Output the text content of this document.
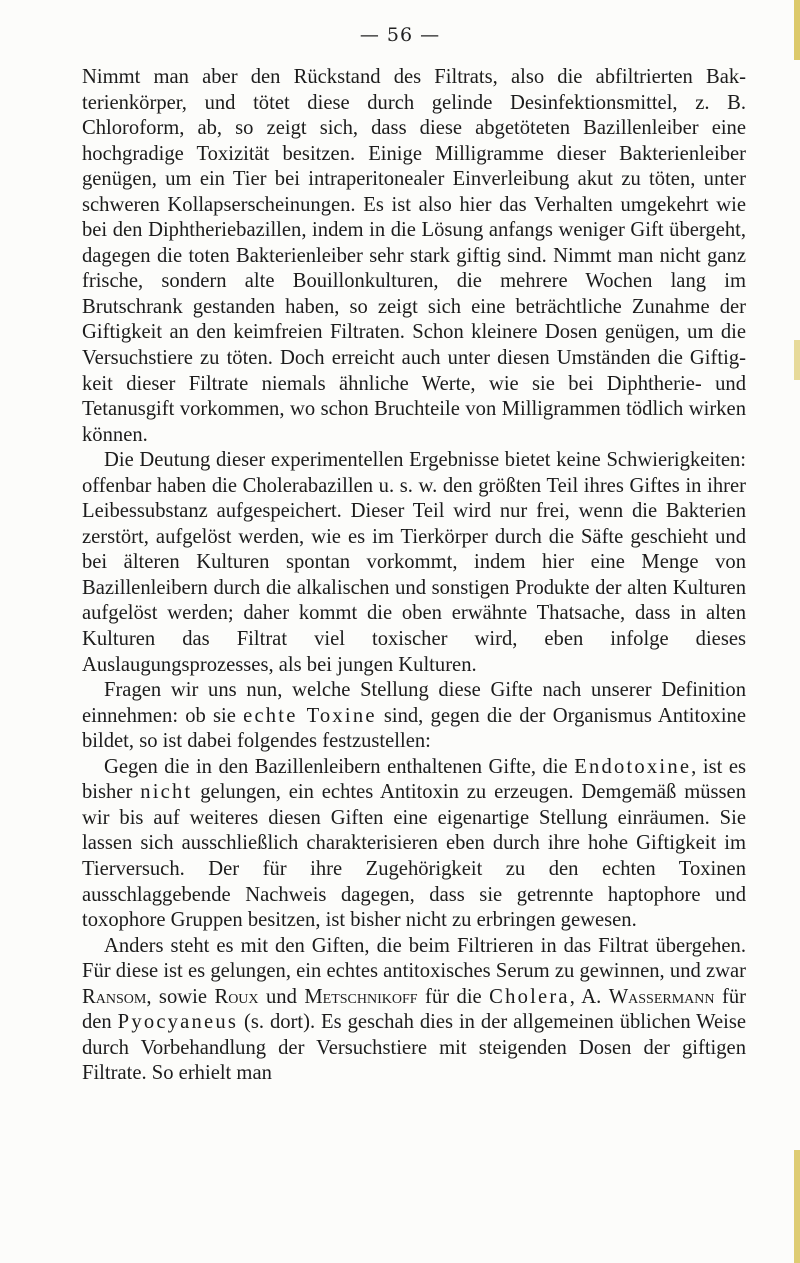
— 56 —

Nimmt man aber den Rückstand des Filtrats, also die abfiltrierten Bakterienkörper, und tötet diese durch gelinde Desinfektionsmittel, z. B. Chloroform, ab, so zeigt sich, dass diese abgetöteten Bazillenleiber eine hochgradige Toxizität besitzen. Einige Milligramme dieser Bakterienleiber genügen, um ein Tier bei intraperitonealer Einverleibung akut zu töten, unter schweren Kollapserscheinungen. Es ist also hier das Verhalten umgekehrt wie bei den Diphtheriebazillen, indem in die Lösung anfangs weniger Gift übergeht, dagegen die toten Bakterienleiber sehr stark giftig sind. Nimmt man nicht ganz frische, sondern alte Bouillonkulturen, die mehrere Wochen lang im Brutschrank gestanden haben, so zeigt sich eine beträchtliche Zunahme der Giftigkeit an den keimfreien Filtraten. Schon kleinere Dosen genügen, um die Versuchstiere zu töten. Doch erreicht auch unter diesen Umständen die Giftigkeit dieser Filtrate niemals ähnliche Werte, wie sie bei Diphtherie- und Tetanusgift vorkommen, wo schon Bruchteile von Milligrammen tödlich wirken können.

Die Deutung dieser experimentellen Ergebnisse bietet keine Schwierigkeiten: offenbar haben die Cholerabazillen u. s. w. den größten Teil ihres Giftes in ihrer Leibessubstanz aufgespeichert. Dieser Teil wird nur frei, wenn die Bakterien zerstört, aufgelöst werden, wie es im Tierkörper durch die Säfte geschieht und bei älteren Kulturen spontan vorkommt, indem hier eine Menge von Bazillenleibern durch die alkalischen und sonstigen Produkte der alten Kulturen aufgelöst werden; daher kommt die oben erwähnte Thatsache, dass in alten Kulturen das Filtrat viel toxischer wird, eben infolge dieses Auslaugungsprozesses, als bei jungen Kulturen.

Fragen wir uns nun, welche Stellung diese Gifte nach unserer Definition einnehmen: ob sie echte Toxine sind, gegen die der Organismus Antitoxine bildet, so ist dabei folgendes festzustellen:

Gegen die in den Bazillenleibern enthaltenen Gifte, die Endotoxine, ist es bisher nicht gelungen, ein echtes Antitoxin zu erzeugen. Demgemäß müssen wir bis auf weiteres diesen Giften eine eigenartige Stellung einräumen. Sie lassen sich ausschließlich charakterisieren eben durch ihre hohe Giftigkeit im Tierversuch. Der für ihre Zugehörigkeit zu den echten Toxinen ausschlaggebende Nachweis dagegen, dass sie getrennte haptophore und toxophore Gruppen besitzen, ist bisher nicht zu erbringen gewesen.

Anders steht es mit den Giften, die beim Filtrieren in das Filtrat übergehen. Für diese ist es gelungen, ein echtes antitoxisches Serum zu gewinnen, und zwar Ransom, sowie Roux und Metschnikoff für die Cholera, A. Wassermann für den Pyocyaneus (s. dort). Es geschah dies in der allgemeinen üblichen Weise durch Vorbehandlung der Versuchstiere mit steigenden Dosen der giftigen Filtrate. So erhielt man
